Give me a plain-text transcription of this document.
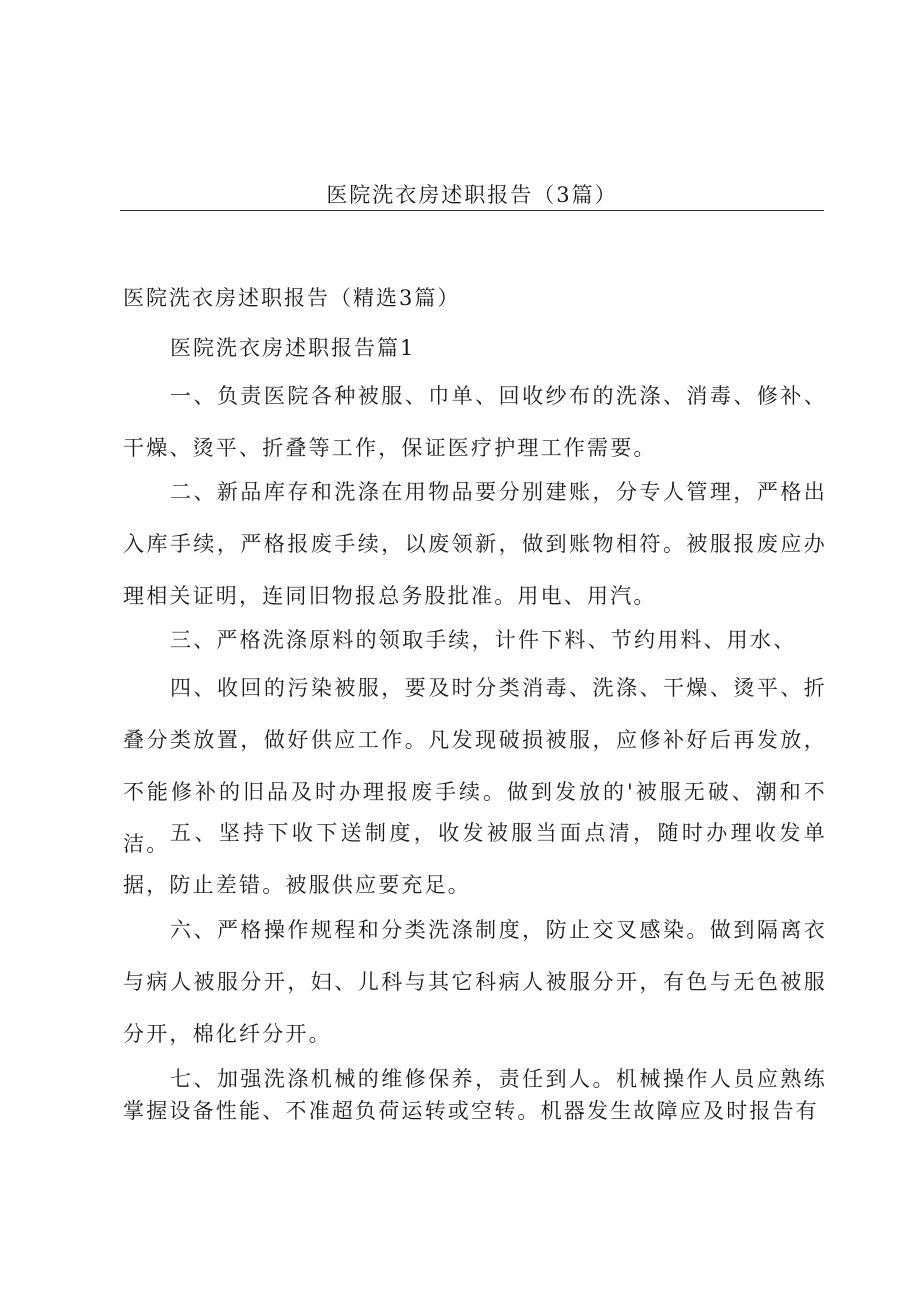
医院洗衣房述职报告（3篇）
医院洗衣房述职报告（精选3篇）
医院洗衣房述职报告篇1

一、负责医院各种被服、巾单、回收纱布的洗涤、消毒、修补、干燥、烫平、折叠等工作，保证医疗护理工作需要。

二、新品库存和洗涤在用物品要分别建账，分专人管理，严格出入库手续，严格报废手续，以废领新，做到账物相符。被服报废应办理相关证明，连同旧物报总务股批准。用电、用汽。

三、严格洗涤原料的领取手续，计件下料、节约用料、用水、

四、收回的污染被服，要及时分类消毒、洗涤、干燥、烫平、折叠分类放置，做好供应工作。凡发现破损被服，应修补好后再发放，不能修补的旧品及时办理报废手续。做到发放的'被服无破、潮和不洁。 五、坚持下收下送制度，收发被服当面点清，随时办理收发单据，防止差错。被服供应要充足。

六、严格操作规程和分类洗涤制度，防止交叉感染。做到隔离衣与病人被服分开，妇、儿科与其它科病人被服分开，有色与无色被服分开，棉化纤分开。

七、加强洗涤机械的维修保养，责任到人。机械操作人员应熟练掌握设备性能、不准超负荷运转或空转。机器发生故障应及时报告有
